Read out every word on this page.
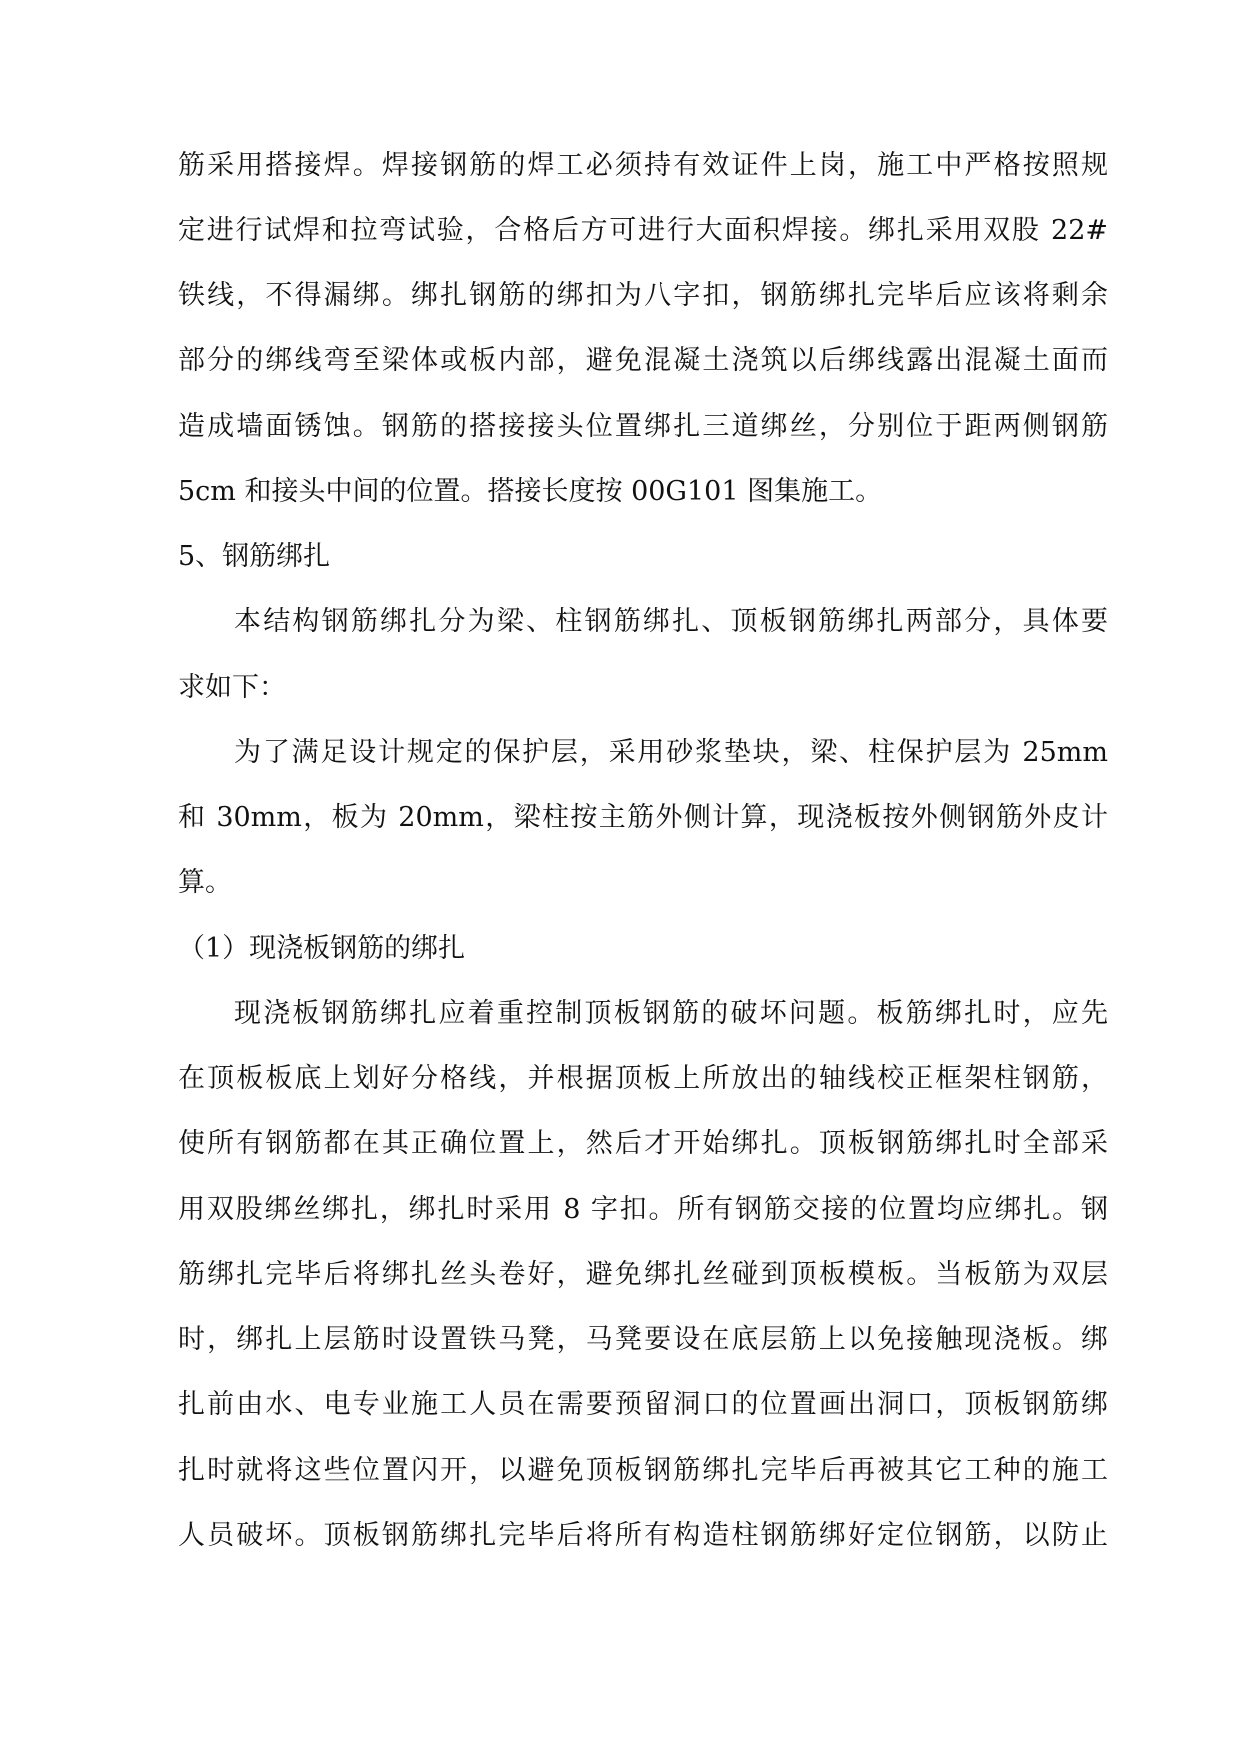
筋采用搭接焊。焊接钢筋的焊工必须持有效证件上岗，施工中严格按照规
定进行试焊和拉弯试验，合格后方可进行大面积焊接。绑扎采用双股 22#
铁线，不得漏绑。绑扎钢筋的绑扣为八字扣，钢筋绑扎完毕后应该将剩余
部分的绑线弯至梁体或板内部，避免混凝土浇筑以后绑线露出混凝土面而
造成墙面锈蚀。钢筋的搭接接头位置绑扎三道绑丝，分别位于距两侧钢筋
5cm 和接头中间的位置。搭接长度按 00G101 图集施工。
5、钢筋绑扎
本结构钢筋绑扎分为梁、柱钢筋绑扎、顶板钢筋绑扎两部分，具体要
求如下：
为了满足设计规定的保护层，采用砂浆垫块，梁、柱保护层为 25mm
和 30mm，板为 20mm，梁柱按主筋外侧计算，现浇板按外侧钢筋外皮计
算。
（1）现浇板钢筋的绑扎
现浇板钢筋绑扎应着重控制顶板钢筋的破坏问题。板筋绑扎时，应先
在顶板板底上划好分格线，并根据顶板上所放出的轴线校正框架柱钢筋，
使所有钢筋都在其正确位置上，然后才开始绑扎。顶板钢筋绑扎时全部采
用双股绑丝绑扎，绑扎时采用 8 字扣。所有钢筋交接的位置均应绑扎。钢
筋绑扎完毕后将绑扎丝头卷好，避免绑扎丝碰到顶板模板。当板筋为双层
时，绑扎上层筋时设置铁马凳，马凳要设在底层筋上以免接触现浇板。绑
扎前由水、电专业施工人员在需要预留洞口的位置画出洞口，顶板钢筋绑
扎时就将这些位置闪开，以避免顶板钢筋绑扎完毕后再被其它工种的施工
人员破坏。顶板钢筋绑扎完毕后将所有构造柱钢筋绑好定位钢筋，以防止
